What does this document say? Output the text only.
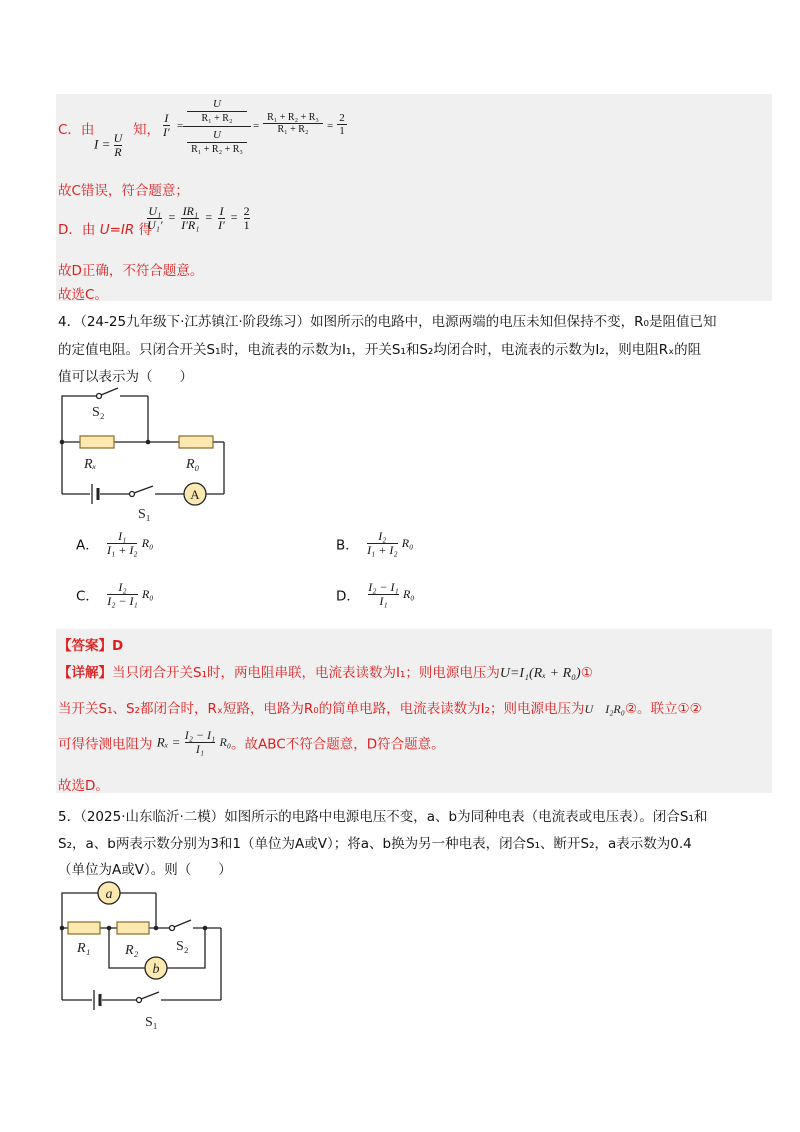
C．由
$I = \frac{U}{R}$
知，
I
I′ =
U
R₁ + R₂
U
R₁ + R₂ + R₃
=
R₁ + R₂ + R₃
R₁ + R₂	=
2
1
故C错误，符合题意；
D．由 U=IR 得
$\frac{\text{U₁}}{\text{U₁′}} = \frac{\text{IR₁}}{\text{I′R₁}} = \frac{I}{I'} = \frac{2}{1}$
故D正确，不符合题意。
故选C。
4．（24-25九年级下·江苏镇江·阶段练习）如图所示的电路中，电源两端的电压未知但保持不变，R₀是阻值已知
的定值电阻。只闭合开关S₁时，电流表的示数为I₁，开关S₁和S₂均闭合时，电流表的示数为I₂，则电阻Rₓ的阻
值可以表示为（　　）
A
S₂
Rₓ	R₀
S₁
A． $\frac{\text{I₁}}{\text{I₁ + I₂}} R_0$	B． $\frac{\text{I₂}}{\text{I₁ + I₂}} R_0$
C． $\frac{\text{I₂}}{\text{I₂ − I₁}} R_0$	D． $\frac{\text{I₂ − I₁}}{\text{I₁}} R_0$
【答案】D
【详解】当只闭合开关S₁时，两电阻串联，电流表读数为I₁；则电源电压为U=I₁(Rₓ + R₀)①
当开关S₁、S₂都闭合时，Rₓ短路，电路为R₀的简单电路，电流表读数为I₂；则电源电压为U　I₂R₀②。联立①②
可得待测电阻为 $R_x = \frac{\text{I₂ − I₁}}{\text{I₁}} R_0$。故ABC不符合题意，D符合题意。
故选D。
5．（2025·山东临沂·二模）如图所示的电路中电源电压不变，a、b为同种电表（电流表或电压表）。闭合S₁和
S₂，a、b两表示数分别为3和1（单位为A或V）；将a、b换为另一种电表，闭合S₁、断开S₂，a表示数为0.4
（单位为A或V）。则（　　）
a
b
R₁ R₂	S₂
S₁
